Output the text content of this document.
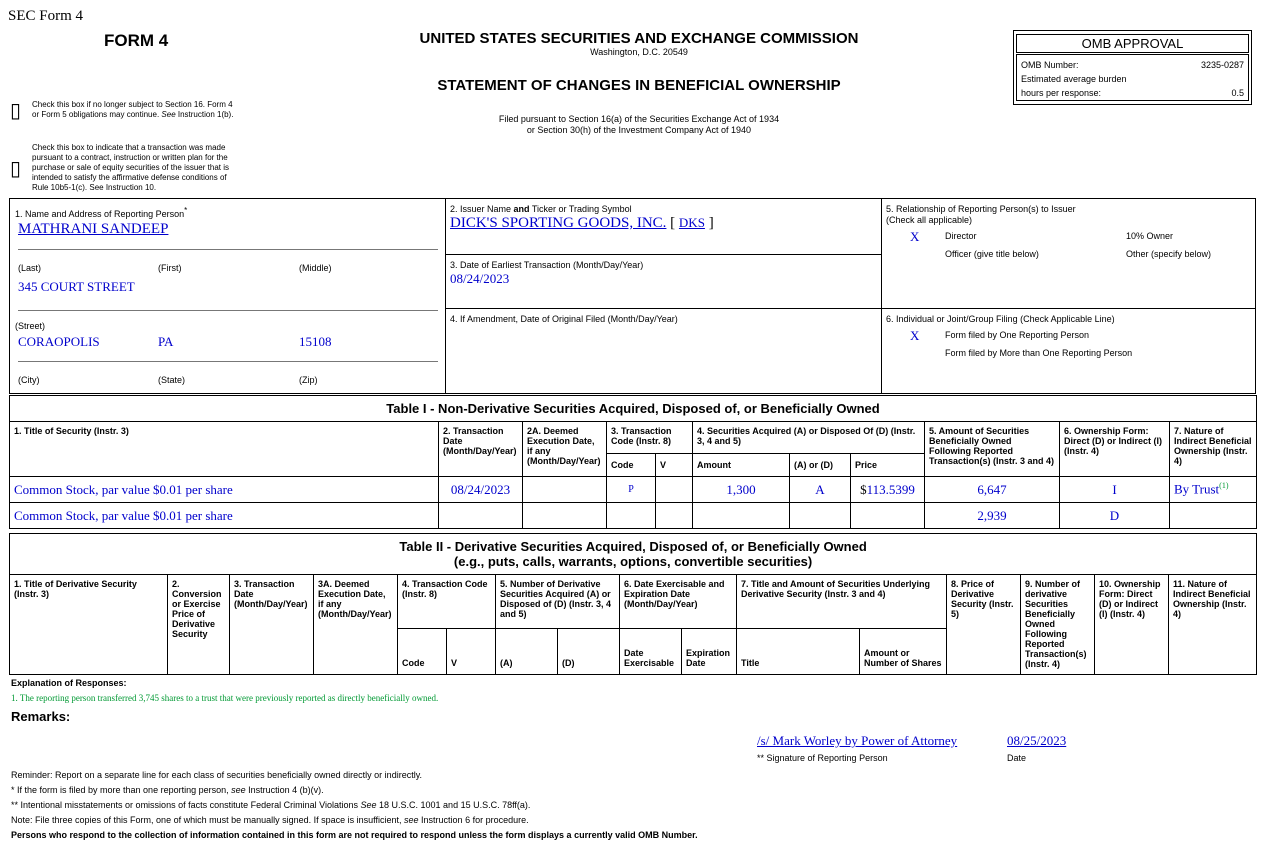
SEC Form 4
FORM 4	UNITED STATES SECURITIES AND EXCHANGE COMMISSION
Washington, D.C. 20549
STATEMENT OF CHANGES IN BENEFICIAL OWNERSHIP
Filed pursuant to Section 16(a) of the Securities Exchange Act of 1934
or Section 30(h) of the Investment Company Act of 1940
OMB APPROVAL
OMB Number:	3235-0287
Estimated average burden
hours per response:	0.5
▯ Check this box if no longer subject to Section 16. Form 4
or Form 5 obligations may continue. See Instruction 1(b).
▯
Check this box to indicate that a transaction was made
pursuant to a contract, instruction or written plan for the
purchase or sale of equity securities of the issuer that is
intended to satisfy the affirmative defense conditions of
Rule 10b5-1(c). See Instruction 10.
1. Name and Address of Reporting Person*
MATHRANI SANDEEP
(Last)	(First)	(Middle)
345 COURT STREET
(Street)
CORAOPOLIS	PA	15108
(City)	(State)	(Zip)
2. Issuer Name and Ticker or Trading Symbol
DICK'S SPORTING GOODS, INC. [ DKS ]
3. Date of Earliest Transaction (Month/Day/Year)
08/24/2023
4. If Amendment, Date of Original Filed (Month/Day/Year)
5. Relationship of Reporting Person(s) to Issuer
(Check all applicable)
X	Director	10% Owner
Officer (give title below)	Other (specify below)
6. Individual or Joint/Group Filing (Check Applicable Line)
X	Form filed by One Reporting Person
Form filed by More than One Reporting Person
Table I - Non-Derivative Securities Acquired, Disposed of, or Beneficially Owned										
1. Title of Security (Instr. 3)	2. Transaction Date (Month/Day/Year)	2A. Deemed Execution Date, if any (Month/Day/Year)	3. Transaction Code (Instr. 8)		4. Securities Acquired (A) or Disposed Of (D) (Instr. 3, 4 and 5)			5. Amount of Securities Beneficially Owned Following Reported Transaction(s) (Instr. 3 and 4)	6. Ownership Form: Direct (D) or Indirect (I) (Instr. 4)	7. Nature of Indirect Beneficial Ownership (Instr. 4)
			Code	V	Amount	(A) or (D)	Price			
Common Stock, par value $0.01 per share	08/24/2023		P		1,300	A	$113.5399	6,647	I	By Trust$^{(1)}$
Common Stock, par value $0.01 per share								2,939	D	
Table II - Derivative Securities Acquired, Disposed of, or Beneficially Owned
(e.g., puts, calls, warrants, options, convertible securities)															

1. Title of Derivative Security (Instr. 3)	2. Conversion or Exercise Price of Derivative Security	3. Transaction Date (Month/Day/Year)	3A. Deemed Execution Date, if any (Month/Day/Year)	4. Transaction Code (Instr. 8)		5. Number of Derivative Securities Acquired (A) or Disposed of (D) (Instr. 3, 4 and 5)		6. Date Exercisable and Expiration Date (Month/Day/Year)		7. Title and Amount of Securities Underlying Derivative Security (Instr. 3 and 4)		8. Price of Derivative Security (Instr. 5)	9. Number of derivative Securities Beneficially Owned Following Reported Transaction(s) (Instr. 4)	10. Ownership Form: Direct (D) or Indirect (I) (Instr. 4)	11. Nature of Indirect Beneficial Ownership (Instr. 4)
				Code	V	(A)	(D)	Date Exercisable	Expiration Date	Title	Amount or Number of Shares				
Explanation of Responses:
1. The reporting person transferred 3,745 shares to a trust that were previously reported as directly beneficially owned.
Remarks:
/s/ Mark Worley by Power of Attorney	08/25/2023
** Signature of Reporting Person	Date
Reminder: Report on a separate line for each class of securities beneficially owned directly or indirectly.
* If the form is filed by more than one reporting person, see Instruction 4 (b)(v).
** Intentional misstatements or omissions of facts constitute Federal Criminal Violations See 18 U.S.C. 1001 and 15 U.S.C. 78ff(a).
Note: File three copies of this Form, one of which must be manually signed. If space is insufficient, see Instruction 6 for procedure.
Persons who respond to the collection of information contained in this form are not required to respond unless the form displays a currently valid OMB Number.
